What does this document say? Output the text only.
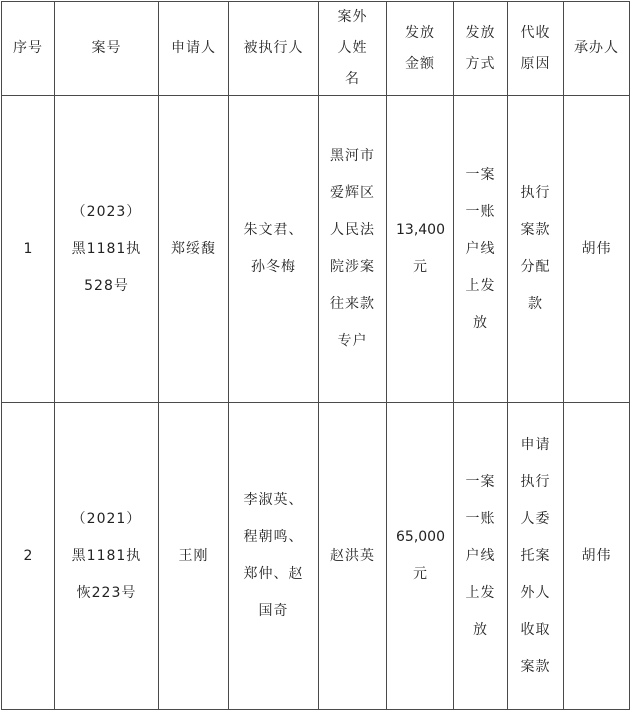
序号	案号	申请人	被执行人	案外人姓名	发放金额	发放方式	代收原因	承办人
1	（2023）黑1181执528号	郑绥馥	朱文君、孙冬梅	黑河市爱辉区人民法院涉案往来款专户	13,400元	一案一账户线上发放	执行案款分配款	胡伟
2	（2021）黑1181执恢223号	王刚	李淑英、程朝鸣、郑仲、赵国奇	赵洪英	65,000元	一案一账户线上发放	申请执行人委托案外人收取案款	胡伟
